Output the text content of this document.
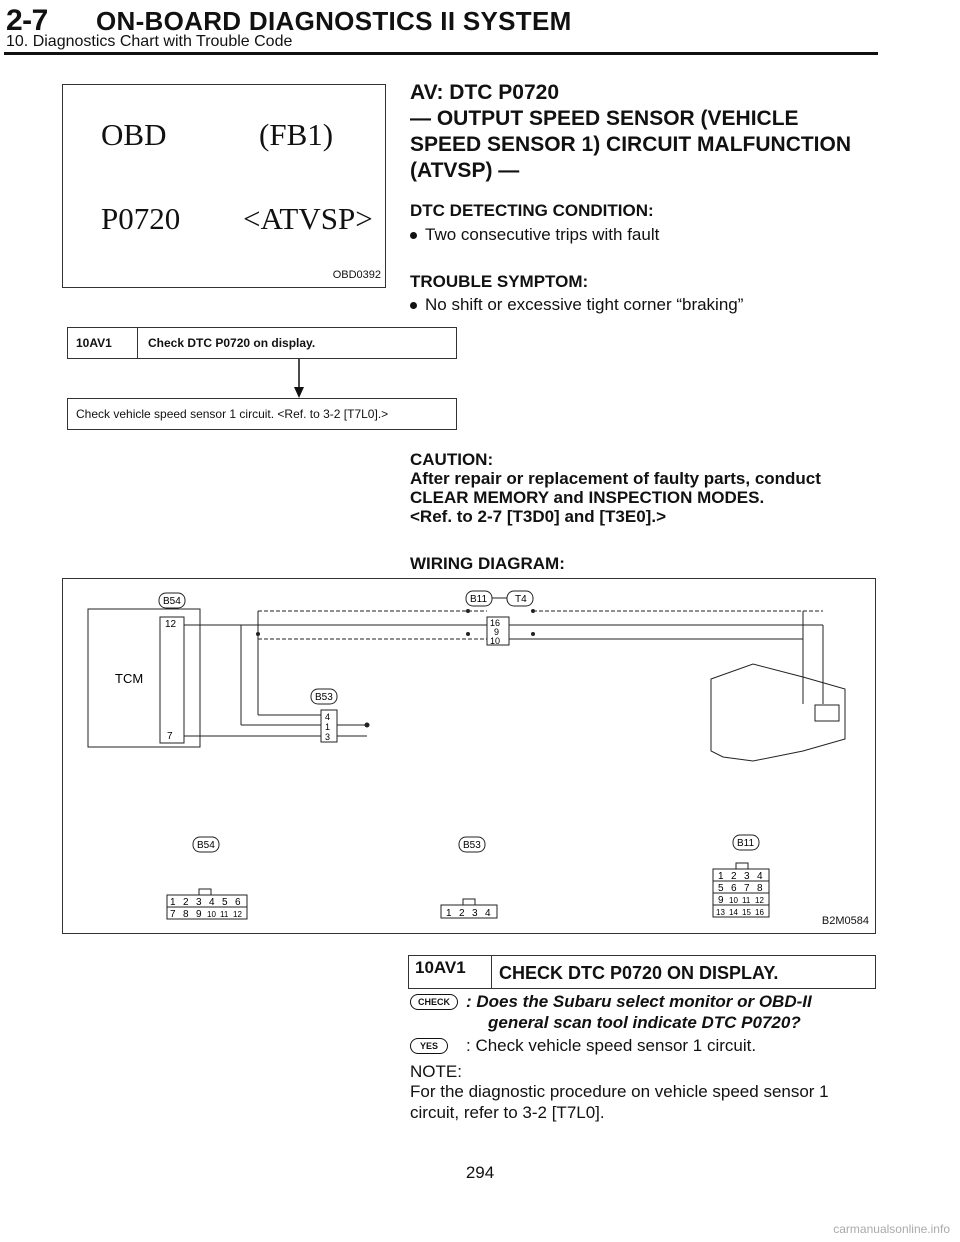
2-7 ON-BOARD DIAGNOSTICS II SYSTEM
10. Diagnostics Chart with Trouble Code
OBD	(FB1)
P0720 <ATVSP>
OBD0392
AV: DTC P0720
— OUTPUT SPEED SENSOR (VEHICLE
SPEED SENSOR 1) CIRCUIT MALFUNCTION
(ATVSP) —
DTC DETECTING CONDITION:
Two consecutive trips with fault
TROUBLE SYMPTOM:
No shift or excessive tight corner “braking”
10AV1	Check DTC P0720 on display.
Check vehicle speed sensor 1 circuit. <Ref. to 3-2 [T7L0].>
CAUTION:
After repair or replacement of faulty parts, conduct
CLEAR MEMORY and INSPECTION MODES.
<Ref. to 2-7 [T3D0] and [T3E0].>
WIRING DIAGRAM:
TCM
12
7
B54	B11	T4
16
9
10
B53
4
1
3
B54	B53	B11
1 2 3 4 5 6
7 8 9 10 11 12	1 2 3 4
1 2 3 4
5 6 7 8
9 10 11 12
13 14 15 16
B2M0584
10AV1	CHECK DTC P0720 ON DISPLAY.
CHECK : Does the Subaru select monitor or OBD-II
general scan tool indicate DTC P0720?
YES	: Check vehicle speed sensor 1 circuit.
NOTE:
For the diagnostic procedure on vehicle speed sensor 1
circuit, refer to 3-2 [T7L0].
294
carmanualsonline.info
